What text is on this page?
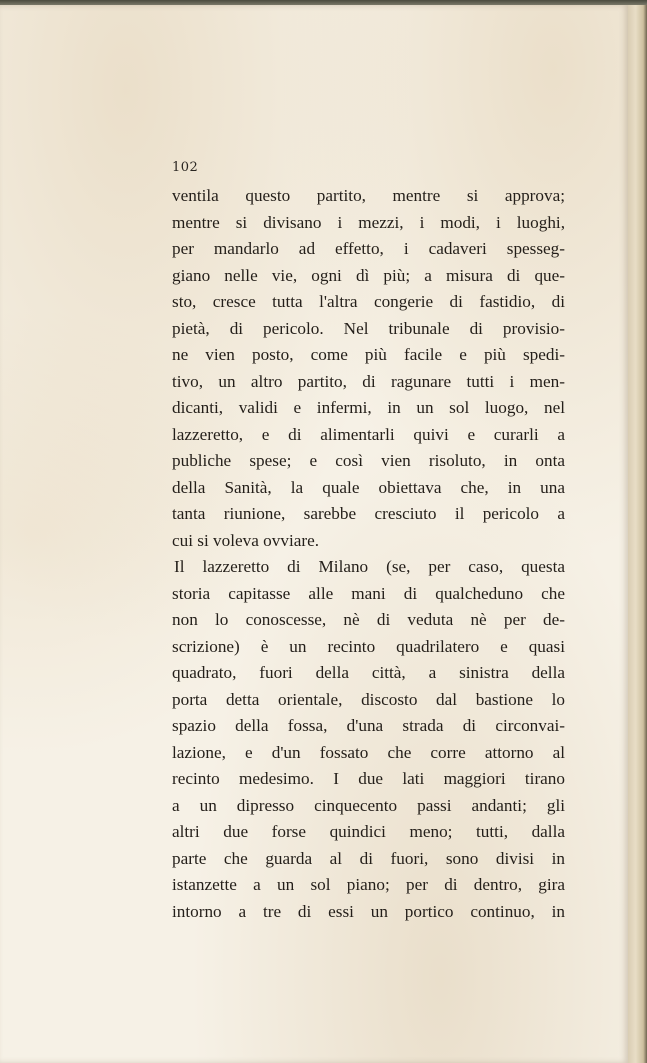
102
ventila questo partito, mentre si approva;
mentre si divisano i mezzi, i modi, i luoghi,
per mandarlo ad effetto, i cadaveri spesseg-
giano nelle vie, ogni dì più; a misura di que-
sto, cresce tutta l'altra congerie di fastidio, di
pietà, di pericolo. Nel tribunale di provisio-
ne vien posto, come più facile e più spedi-
tivo, un altro partito, di ragunare tutti i men-
dicanti, validi e infermi, in un sol luogo, nel
lazzeretto, e di alimentarli quivi e curarli a
publiche spese; e così vien risoluto, in onta
della Sanità, la quale obiettava che, in una
tanta riunione, sarebbe cresciuto il pericolo a
cui si voleva ovviare.
Il lazzeretto di Milano (se, per caso, questa
storia capitasse alle mani di qualcheduno che
non lo conoscesse, nè di veduta nè per de-
scrizione) è un recinto quadrilatero e quasi
quadrato, fuori della città, a sinistra della
porta detta orientale, discosto dal bastione lo
spazio della fossa, d'una strada di circonvai-
lazione, e d'un fossato che corre attorno al
recinto medesimo. I due lati maggiori tirano
a un dipresso cinquecento passi andanti; gli
altri due forse quindici meno; tutti, dalla
parte che guarda al di fuori, sono divisi in
istanzette a un sol piano; per di dentro, gira
intorno a tre di essi un portico continuo, in
